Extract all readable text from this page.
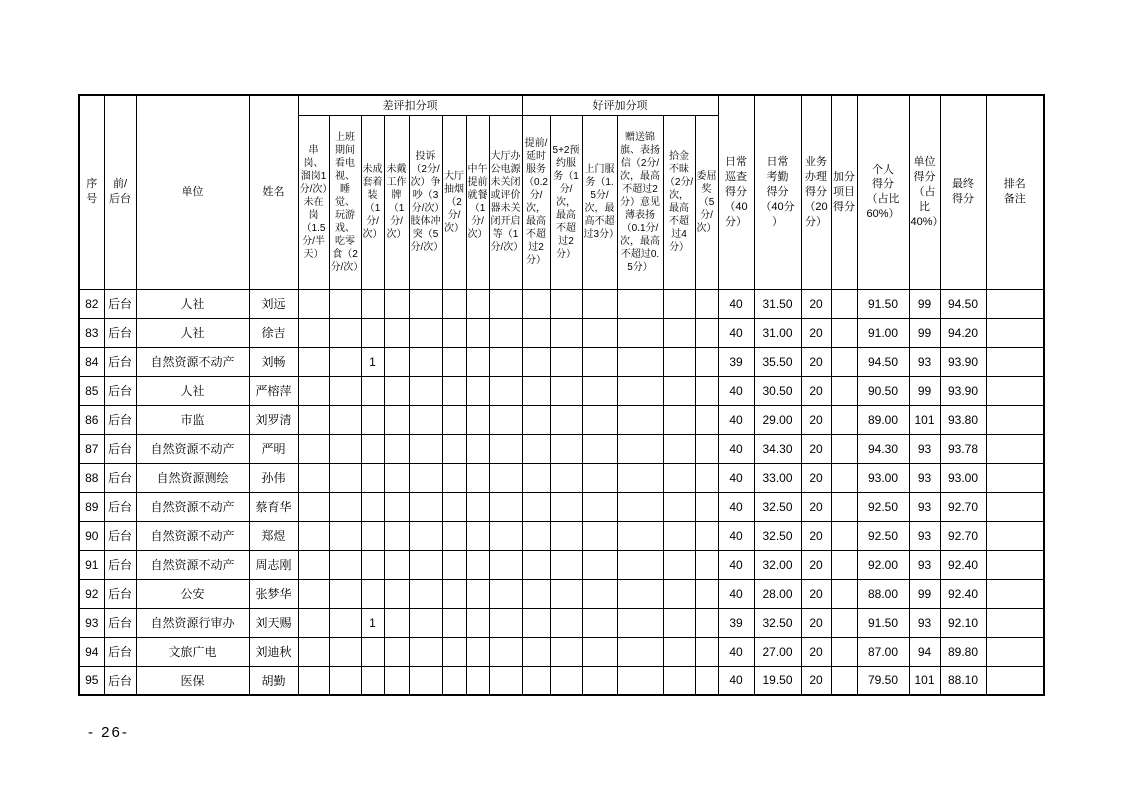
序
号	前/
后台	单位	姓名	差评扣分项								好评加分项						日常
巡查
得分
（40
分）	日常
考勤
得分
（40分
）	业务
办理
得分
（20
分）	加分
项目
得分	个人
得分
（占比
60%）	单位
得分
（占
比
40%）	最终
得分	排名
备注
				串岗、溜岗1分/次）未在岗（1.5分/半天）	上班期间看电视、睡觉、玩游戏、吃零食（2分/次）	未成套着装（1分/次）	未戴工作牌（1分/次）	投诉（2分/次）争吵（3分/次）肢体冲突（5分/次）	大厅抽烟（2分/次）	中午提前就餐（1分/次）	大厅办公电源未关闭或评价器未关闭开启等（1分/次）	提前/延时服务（0.2分/次，最高不超过2分）	5+2预约服务（1分/次，最高不超过2分）	上门服务（1.5分/次，最高不超过3分）	赠送锦旗、表扬信（2分/次，最高不超过2分）意见薄表扬（0.1分/次，最高不超过0.5分）	拾金不昧（2分/次，最高不超过4分）	委屈奖（5分/次）								
82	后台	人社	刘远															40	31.50	20		91.50	99	94.50	
83	后台	人社	徐吉															40	31.00	20		91.00	99	94.20	
84	后台	自然资源不动产	刘畅			1												39	35.50	20		94.50	93	93.90	
85	后台	人社	严榕萍															40	30.50	20		90.50	99	93.90	
86	后台	市监	刘罗清															40	29.00	20		89.00	101	93.80	
87	后台	自然资源不动产	严明															40	34.30	20		94.30	93	93.78	
88	后台	自然资源测绘	孙伟															40	33.00	20		93.00	93	93.00	
89	后台	自然资源不动产	蔡育华															40	32.50	20		92.50	93	92.70	
90	后台	自然资源不动产	郑煜															40	32.50	20		92.50	93	92.70	
91	后台	自然资源不动产	周志刚															40	32.00	20		92.00	93	92.40	
92	后台	公安	张梦华															40	28.00	20		88.00	99	92.40	
93	后台	自然资源行审办	刘天赐			1												39	32.50	20		91.50	93	92.10	
94	后台	文旅广电	刘迪秋															40	27.00	20		87.00	94	89.80	
95	后台	医保	胡勤															40	19.50	20		79.50	101	88.10	
- 26-
